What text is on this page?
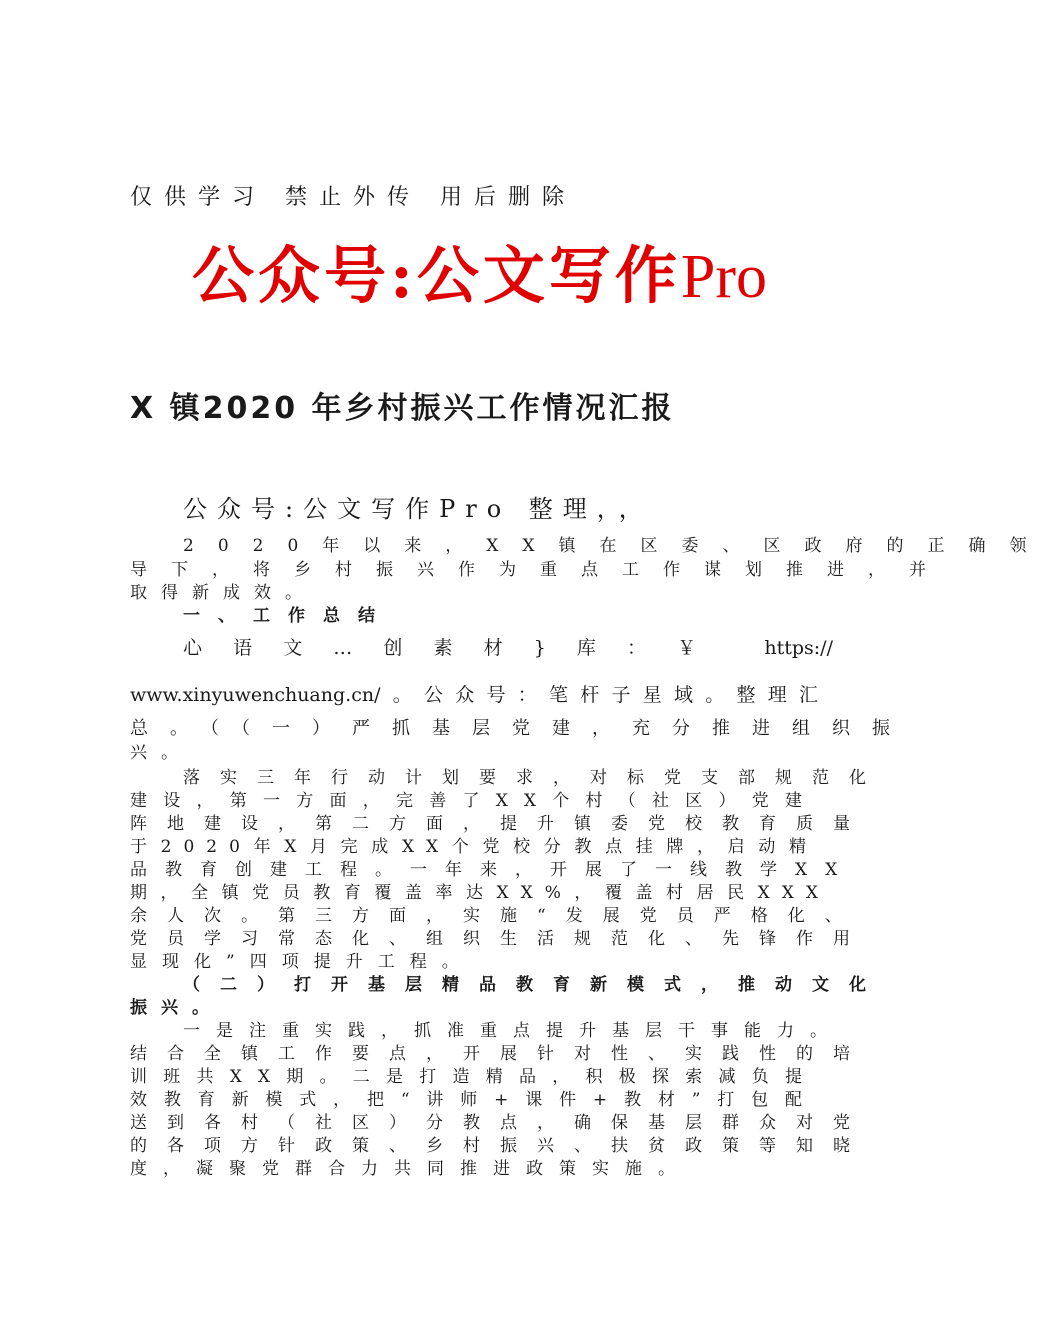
仅供学习 禁止外传 用后删除
公众号:公文写作Pro
X 镇2020 年乡村振兴工作情况汇报
公众号:公文写作Pro 整理，，
2020年以来，XX镇在区委、区政府的正确领
导下，将乡村振兴作为重点工作谋划推进，并
取得新成效。
一、工作总结
心语文…创素材}库：￥ https://
www.xinyuwenchuang.cn/。公众号：笔杆子星域。整理汇
总。（（一）严抓基层党建，充分推进组织振
兴。
落实三年行动计划要求，对标党支部规范化
建设，第一方面，完善了XX个村（社区）党建
阵地建设，第二方面，提升镇委党校教育质量
于2020年X月完成XX个党校分教点挂牌，启动精
品教育创建工程。一年来，开展了一线教学XX
期，全镇党员教育覆盖率达XX%，覆盖村居民XXX
余人次。第三方面，实施“发展党员严格化、
党员学习常态化、组织生活规范化、先锋作用
显现化”四项提升工程。
（二）打开基层精品教育新模式，推动文化
振兴。
一是注重实践，抓准重点提升基层干事能力。
结合全镇工作要点，开展针对性、实践性的培
训班共XX期。二是打造精品，积极探索减负提
效教育新模式，把“讲师+课件+教材”打包配
送到各村（社区）分教点，确保基层群众对党
的各项方针政策、乡村振兴、扶贫政策等知晓
度，凝聚党群合力共同推进政策实施。
